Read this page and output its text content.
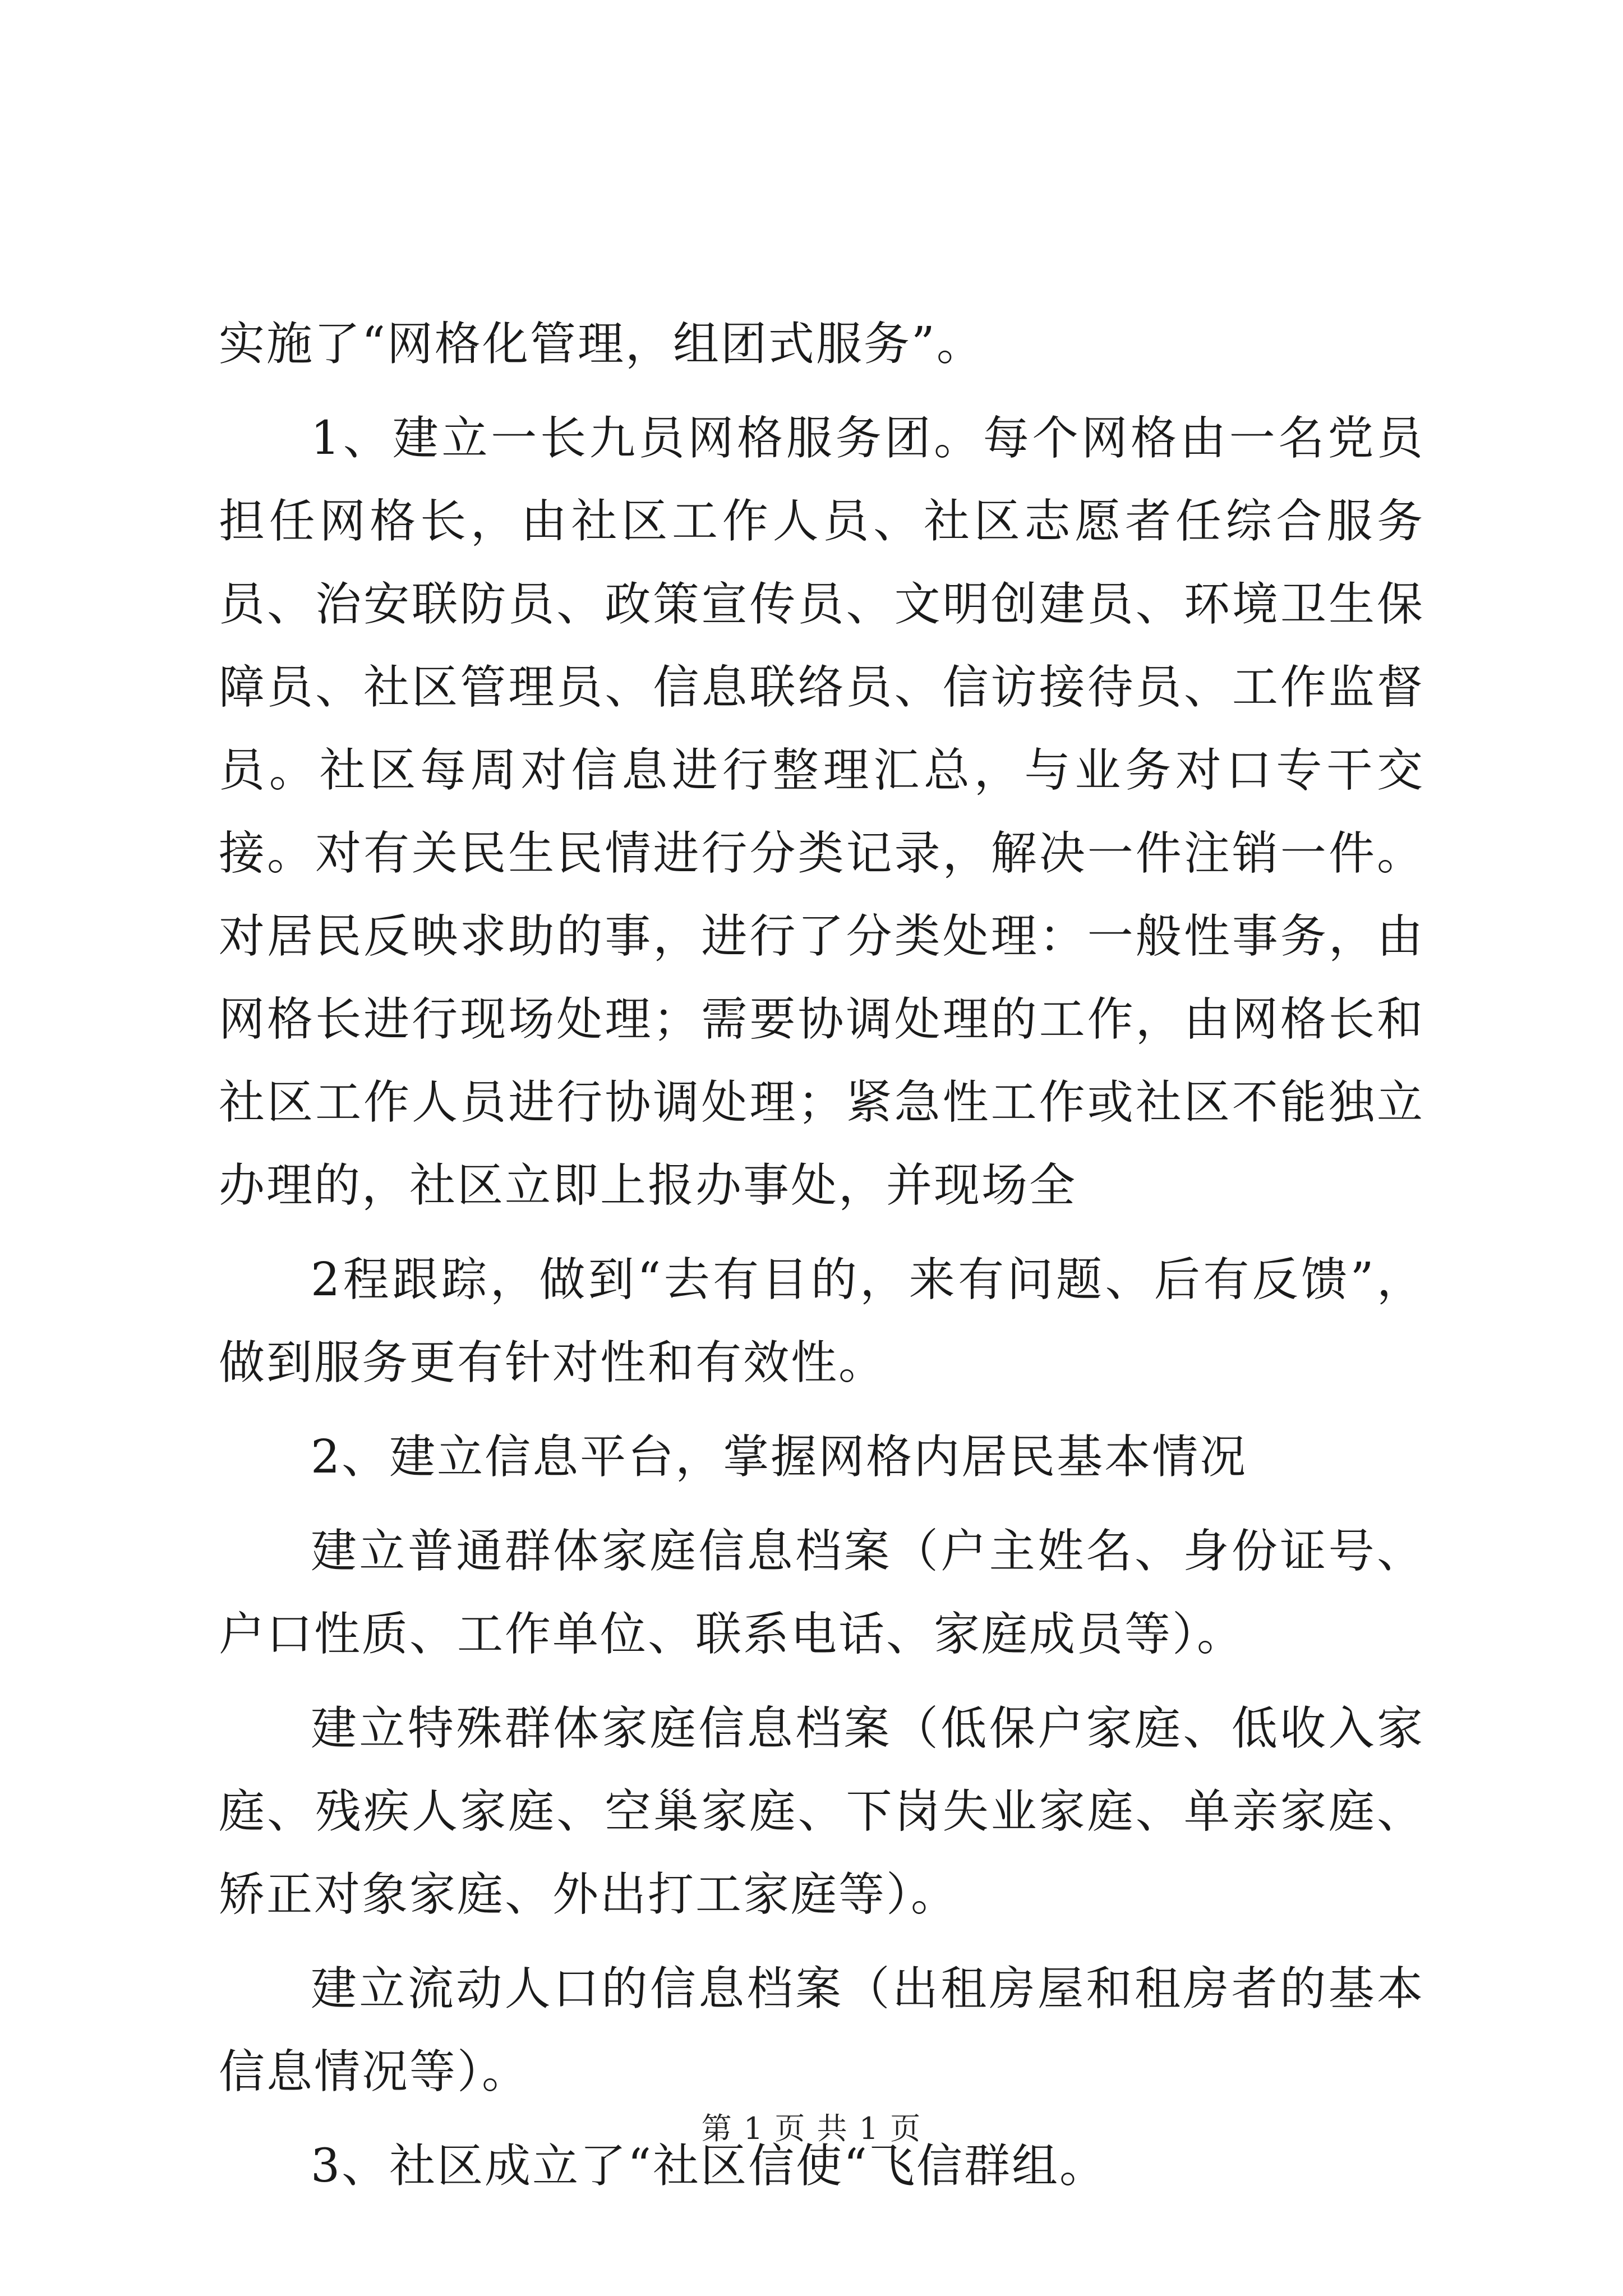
实施了“网格化管理，组团式服务”。

1、建立一长九员网格服务团。每个网格由一名党员担任网格长，由社区工作人员、社区志愿者任综合服务员、治安联防员、政策宣传员、文明创建员、环境卫生保障员、社区管理员、信息联络员、信访接待员、工作监督员。社区每周对信息进行整理汇总，与业务对口专干交接。对有关民生民情进行分类记录，解决一件注销一件。对居民反映求助的事，进行了分类处理：一般性事务，由网格长进行现场处理；需要协调处理的工作，由网格长和社区工作人员进行协调处理；紧急性工作或社区不能独立办理的，社区立即上报办事处，并现场全

2程跟踪，做到“去有目的，来有问题、后有反馈”，做到服务更有针对性和有效性。

2、建立信息平台，掌握网格内居民基本情况

建立普通群体家庭信息档案（户主姓名、身份证号、户口性质、工作单位、联系电话、家庭成员等）。

建立特殊群体家庭信息档案（低保户家庭、低收入家庭、残疾人家庭、空巢家庭、下岗失业家庭、单亲家庭、矫正对象家庭、外出打工家庭等）。

建立流动人口的信息档案（出租房屋和租房者的基本信息情况等）。

3、社区成立了“社区信使“飞信群组。

第 1 页 共 1 页
